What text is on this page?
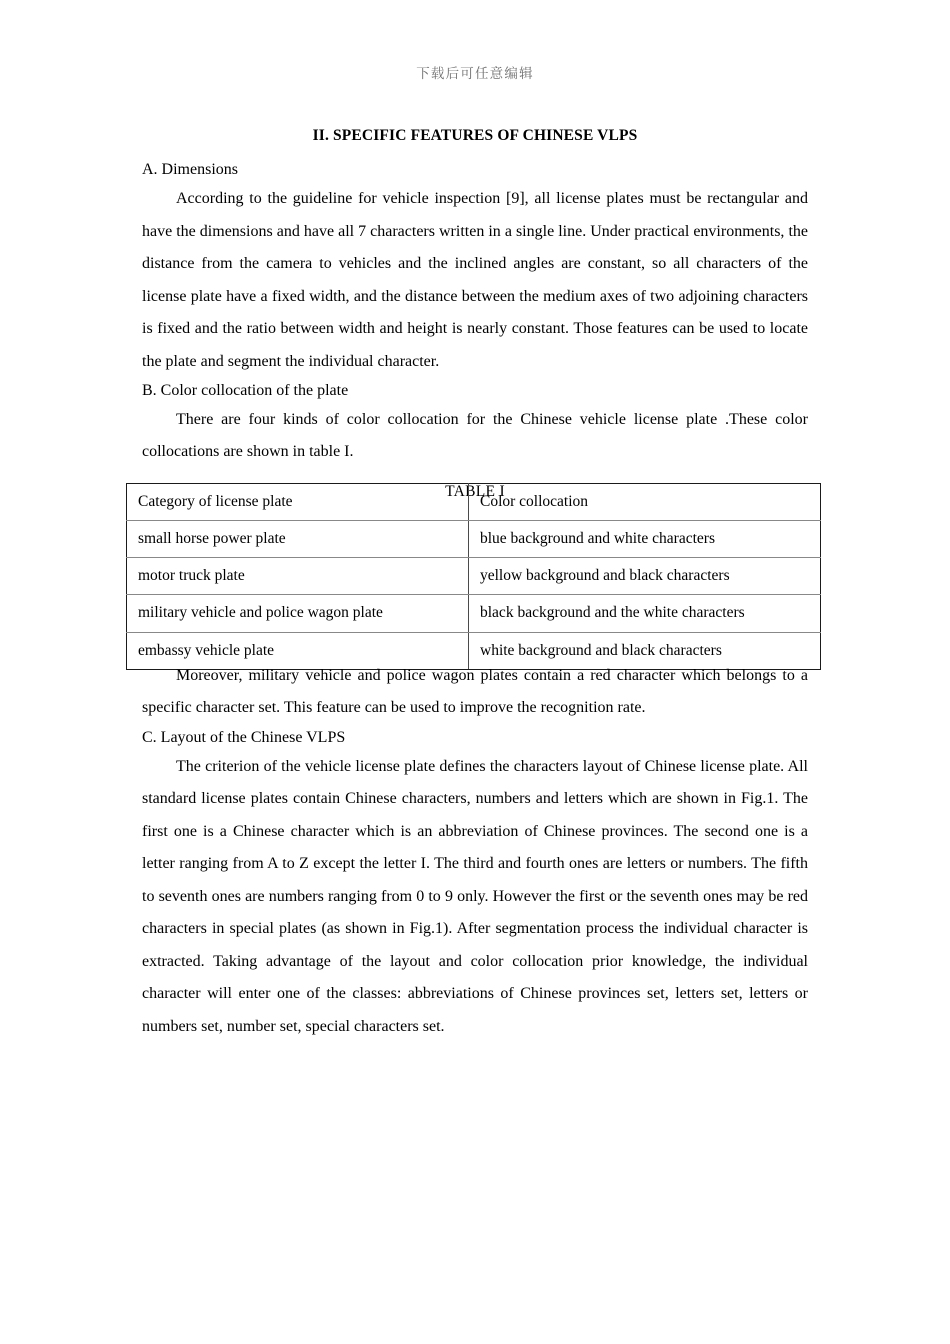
下载后可任意编辑
II. SPECIFIC FEATURES OF CHINESE VLPS
A. Dimensions

According to the guideline for vehicle inspection [9], all license plates must be rectangular and have the dimensions and have all 7 characters written in a single line. Under practical environments, the distance from the camera to vehicles and the inclined angles are constant, so all characters of the license plate have a fixed width, and the distance between the medium axes of two adjoining characters is fixed and the ratio between width and height is nearly constant. Those features can be used to locate the plate and segment the individual character.

B. Color collocation of the plate

There are four kinds of color collocation for the Chinese vehicle license plate .These color collocations are shown in table I.

TABLE I
Category of license plate	Color collocation
small horse power plate	blue background and white characters
motor truck plate	yellow background and black characters
military vehicle and police wagon plate	black background and the white characters
embassy vehicle plate	white background and black characters

Moreover, military vehicle and police wagon plates contain a red character which belongs to a specific character set. This feature can be used to improve the recognition rate.

C. Layout of the Chinese VLPS

The criterion of the vehicle license plate defines the characters layout of Chinese license plate. All standard license plates contain Chinese characters, numbers and letters which are shown in Fig.1. The first one is a Chinese character which is an abbreviation of Chinese provinces. The second one is a letter ranging from A to Z except the letter I. The third and fourth ones are letters or numbers. The fifth to seventh ones are numbers ranging from 0 to 9 only. However the first or the seventh ones may be red characters in special plates (as shown in Fig.1). After segmentation process the individual character is extracted. Taking advantage of the layout and color collocation prior knowledge, the individual character will enter one of the classes: abbreviations of Chinese provinces set, letters set, letters or numbers set, number set, special characters set.
